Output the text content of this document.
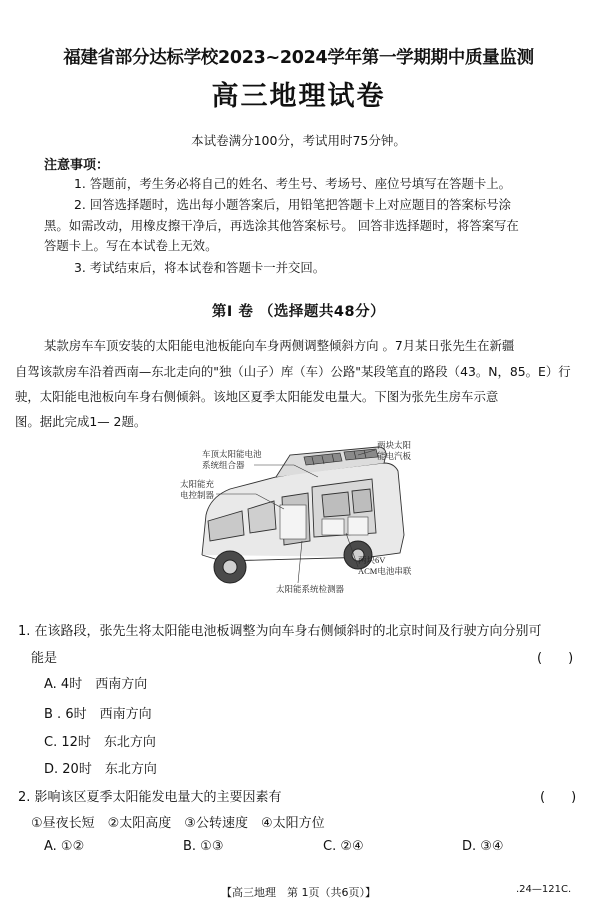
福建省部分达标学校2023~2024学年第一学期期中质量监测
高三地理试卷
本试卷满分100分，考试用时75分钟。
注意事项：
1. 答题前，考生务必将自己的姓名、考生号、考场号、座位号填写在答题卡上。
2. 回答选择题时，选出每小题答案后，用铅笔把答题卡上对应题目的答案标号涂
黑。如需改动，用橡皮擦干净后，再选涂其他答案标号。 回答非选择题时，将答案写在
答题卡上。写在本试卷上无效。
3. 考试结束后，将本试卷和答题卡一并交回。
第Ⅰ 卷 （选择题共48分）
某款房车车顶安装的太阳能电池板能向车身两侧调整倾斜方向 。7月某日张先生在新疆
自驾该款房车沿着西南—东北走向的"独（山子）库（车）公路"某段笔直的路段（43。N，85。E）行
驶，太阳能电池板向车身右侧倾斜。该地区夏季太阳能发电量大。下图为张先生房车示意
图。据此完成1— 2题。
车顶太阳能电池
系统组合器
两块太阳
能电汽板
太阳能充
电控制器
两块6V
ACM电池串联
太阳能系统检测器
1. 在该路段，张先生将太阳能电池板调整为向车身右侧倾斜时的北京时间及行驶方向分别可
能是	(　　)
A. 4时　西南方向
B . 6时　西南方向
C. 12时　东北方向
D. 20时　东北方向
2. 影响该区夏季太阳能发电量大的主要因素有	(　　)
①昼夜长短　②太阳高度　③公转速度　④太阳方位
A. ①②	B. ①③	C. ②④	D. ③④
【高三地理　第 1页（共6页）】	.24—121C.
